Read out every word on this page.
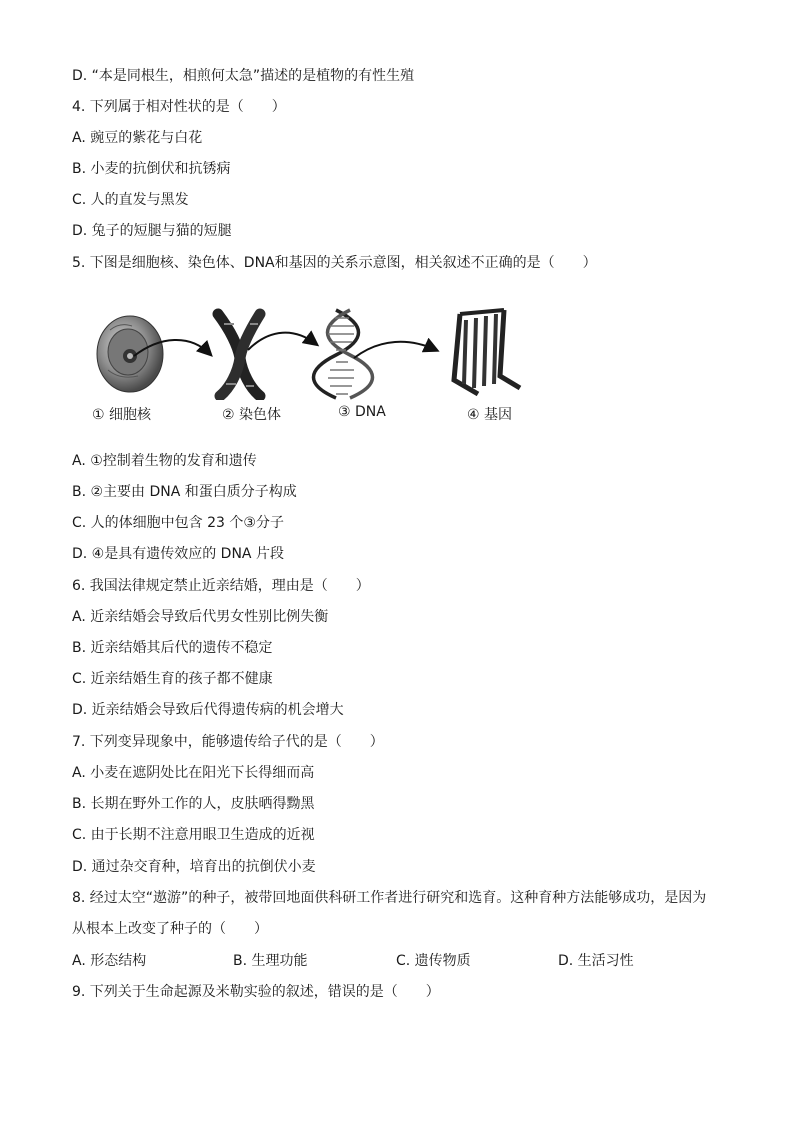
D. “本是同根生，相煎何太急”描述的是植物的有性生殖
4. 下列属于相对性状的是（　　）
A. 豌豆的紫花与白花
B. 小麦的抗倒伏和抗锈病
C. 人的直发与黑发
D. 兔子的短腿与猫的短腿
5. 下图是细胞核、染色体、DNA和基因的关系示意图，相关叙述不正确的是（　　）
① 细胞核	② 染色体	③ DNA	④ 基因
A. ①控制着生物的发育和遗传
B. ②主要由 DNA 和蛋白质分子构成
C. 人的体细胞中包含 23 个③分子
D. ④是具有遗传效应的 DNA 片段
6. 我国法律规定禁止近亲结婚，理由是（　　）
A. 近亲结婚会导致后代男女性别比例失衡
B. 近亲结婚其后代的遗传不稳定
C. 近亲结婚生育的孩子都不健康
D. 近亲结婚会导致后代得遗传病的机会增大
7. 下列变异现象中，能够遗传给子代的是（　　）
A. 小麦在遮阴处比在阳光下长得细而高
B. 长期在野外工作的人，皮肤晒得黝黑
C. 由于长期不注意用眼卫生造成的近视
D. 通过杂交育种，培育出的抗倒伏小麦
8. 经过太空“遨游”的种子，被带回地面供科研工作者进行研究和选育。这种育种方法能够成功，是因为
从根本上改变了种子的（　　）
A. 形态结构	B. 生理功能	C. 遗传物质	D. 生活习性
9. 下列关于生命起源及米勒实验的叙述，错误的是（　　）
